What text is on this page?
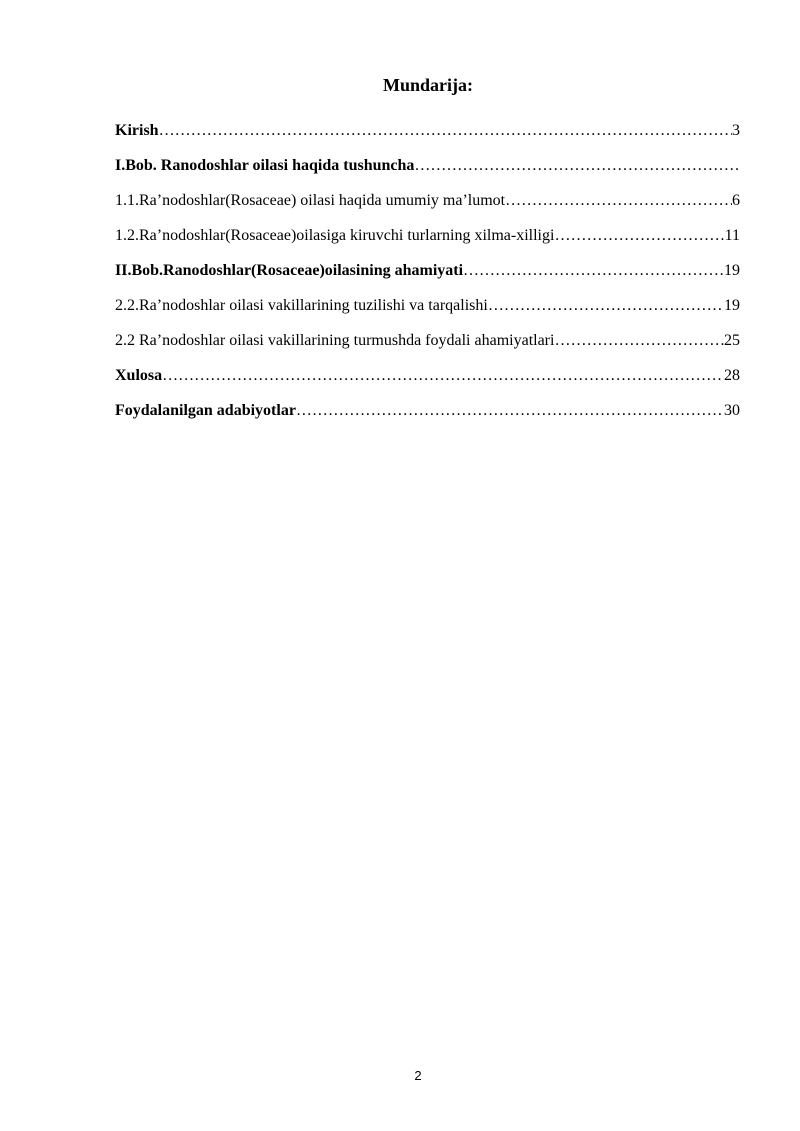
Mundarija:
Kirish ……………………………………………………………………………………………………………………………………………	3
I.Bob. Ranodoshlar oilasi haqida tushuncha
……………………………………………………………………………………………………………………………………………
1.1.Ra’nodoshlar(Rosaceae) oilasi haqida umumiy ma’lumot ……………………………………………………………………………………………………………………………………………	6
1.2.Ra’nodoshlar(Rosaceae)oilasiga kiruvchi turlarning xilma-xilligi ……………………………………………………………………………………………………………………………………………	11
II.Bob.Ranodoshlar(Rosaceae)oilasining ahamiyati ……………………………………………………………………………………………………………………………………………	19
2.2.Ra’nodoshlar oilasi vakillarining tuzilishi va tarqalishi ……………………………………………………………………………………………………………………………………………	19
2.2 Ra’nodoshlar oilasi vakillarining turmushda foydali ahamiyatlari ……………………………………………………………………………………………………………………………………………	25
Xulosa ……………………………………………………………………………………………………………………………………………	28
Foydalanilgan adabiyotlar ……………………………………………………………………………………………………………………………………………	30
2
